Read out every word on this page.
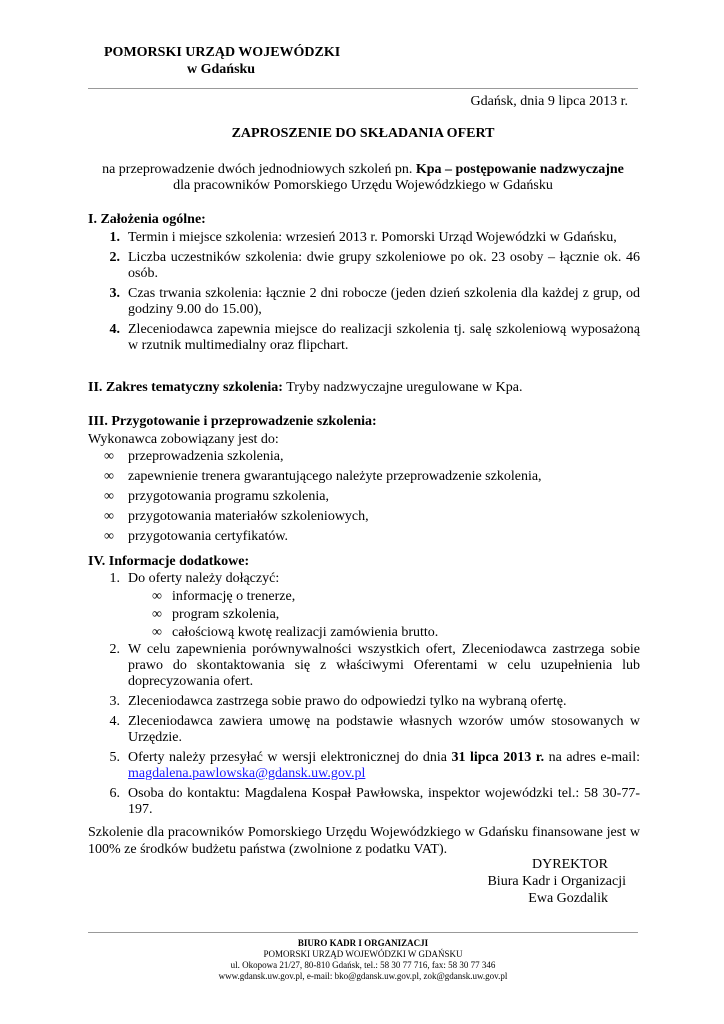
POMORSKI URZĄD WOJEWÓDZKI
w Gdańsku
Gdańsk, dnia 9 lipca 2013 r.
ZAPROSZENIE DO SKŁADANIA OFERT
na przeprowadzenie dwóch jednodniowych szkoleń pn. Kpa – postępowanie nadzwyczajne
dla pracowników Pomorskiego Urzędu Wojewódzkiego w Gdańsku
I. Założenia ogólne:
1. Termin i miejsce szkolenia: wrzesień 2013 r. Pomorski Urząd Wojewódzki w Gdańsku,
2. Liczba uczestników szkolenia: dwie grupy szkoleniowe po ok. 23 osoby – łącznie ok. 46 osób.
3. Czas trwania szkolenia: łącznie 2 dni robocze (jeden dzień szkolenia dla każdej z grup, od godziny 9.00 do 15.00),
4. Zleceniodawca zapewnia miejsce do realizacji szkolenia tj. salę szkoleniową wyposażoną w rzutnik multimedialny oraz flipchart.
II. Zakres tematyczny szkolenia: Tryby nadzwyczajne uregulowane w Kpa.
III. Przygotowanie i przeprowadzenie szkolenia:
Wykonawca zobowiązany jest do:
∞	przeprowadzenia szkolenia,
∞	zapewnienie trenera gwarantującego należyte przeprowadzenie szkolenia,
∞	przygotowania programu szkolenia,
∞	przygotowania materiałów szkoleniowych,
∞	przygotowania certyfikatów.
IV. Informacje dodatkowe:
1. Do oferty należy dołączyć:
∞ informację o trenerze,
∞ program szkolenia,
∞ całościową kwotę realizacji zamówienia brutto.
2. W celu zapewnienia porównywalności wszystkich ofert, Zleceniodawca zastrzega sobie prawo do skontaktowania się z właściwymi Oferentami w celu uzupełnienia lub doprecyzowania ofert.
3. Zleceniodawca zastrzega sobie prawo do odpowiedzi tylko na wybraną ofertę.
4. Zleceniodawca zawiera umowę na podstawie własnych wzorów umów stosowanych w Urzędzie.
5. Oferty należy przesyłać w wersji elektronicznej do dnia 31 lipca 2013 r. na adres e-mail: magdalena.pawlowska@gdansk.uw.gov.pl
6. Osoba do kontaktu: Magdalena Kospał Pawłowska, inspektor wojewódzki tel.: 58 30-77-197.
Szkolenie dla pracowników Pomorskiego Urzędu Wojewódzkiego w Gdańsku finansowane jest w 100% ze środków budżetu państwa (zwolnione z podatku VAT).
DYREKTOR
Biura Kadr i Organizacji
Ewa Gozdalik
BIURO KADR I ORGANIZACJI
POMORSKI URZĄD WOJEWÓDZKI W GDAŃSKU
ul. Okopowa 21/27, 80-810 Gdańsk, tel.: 58 30 77 716, fax: 58 30 77 346
www.gdansk.uw.gov.pl, e-mail: bko@gdansk.uw.gov.pl, zok@gdansk.uw.gov.pl
